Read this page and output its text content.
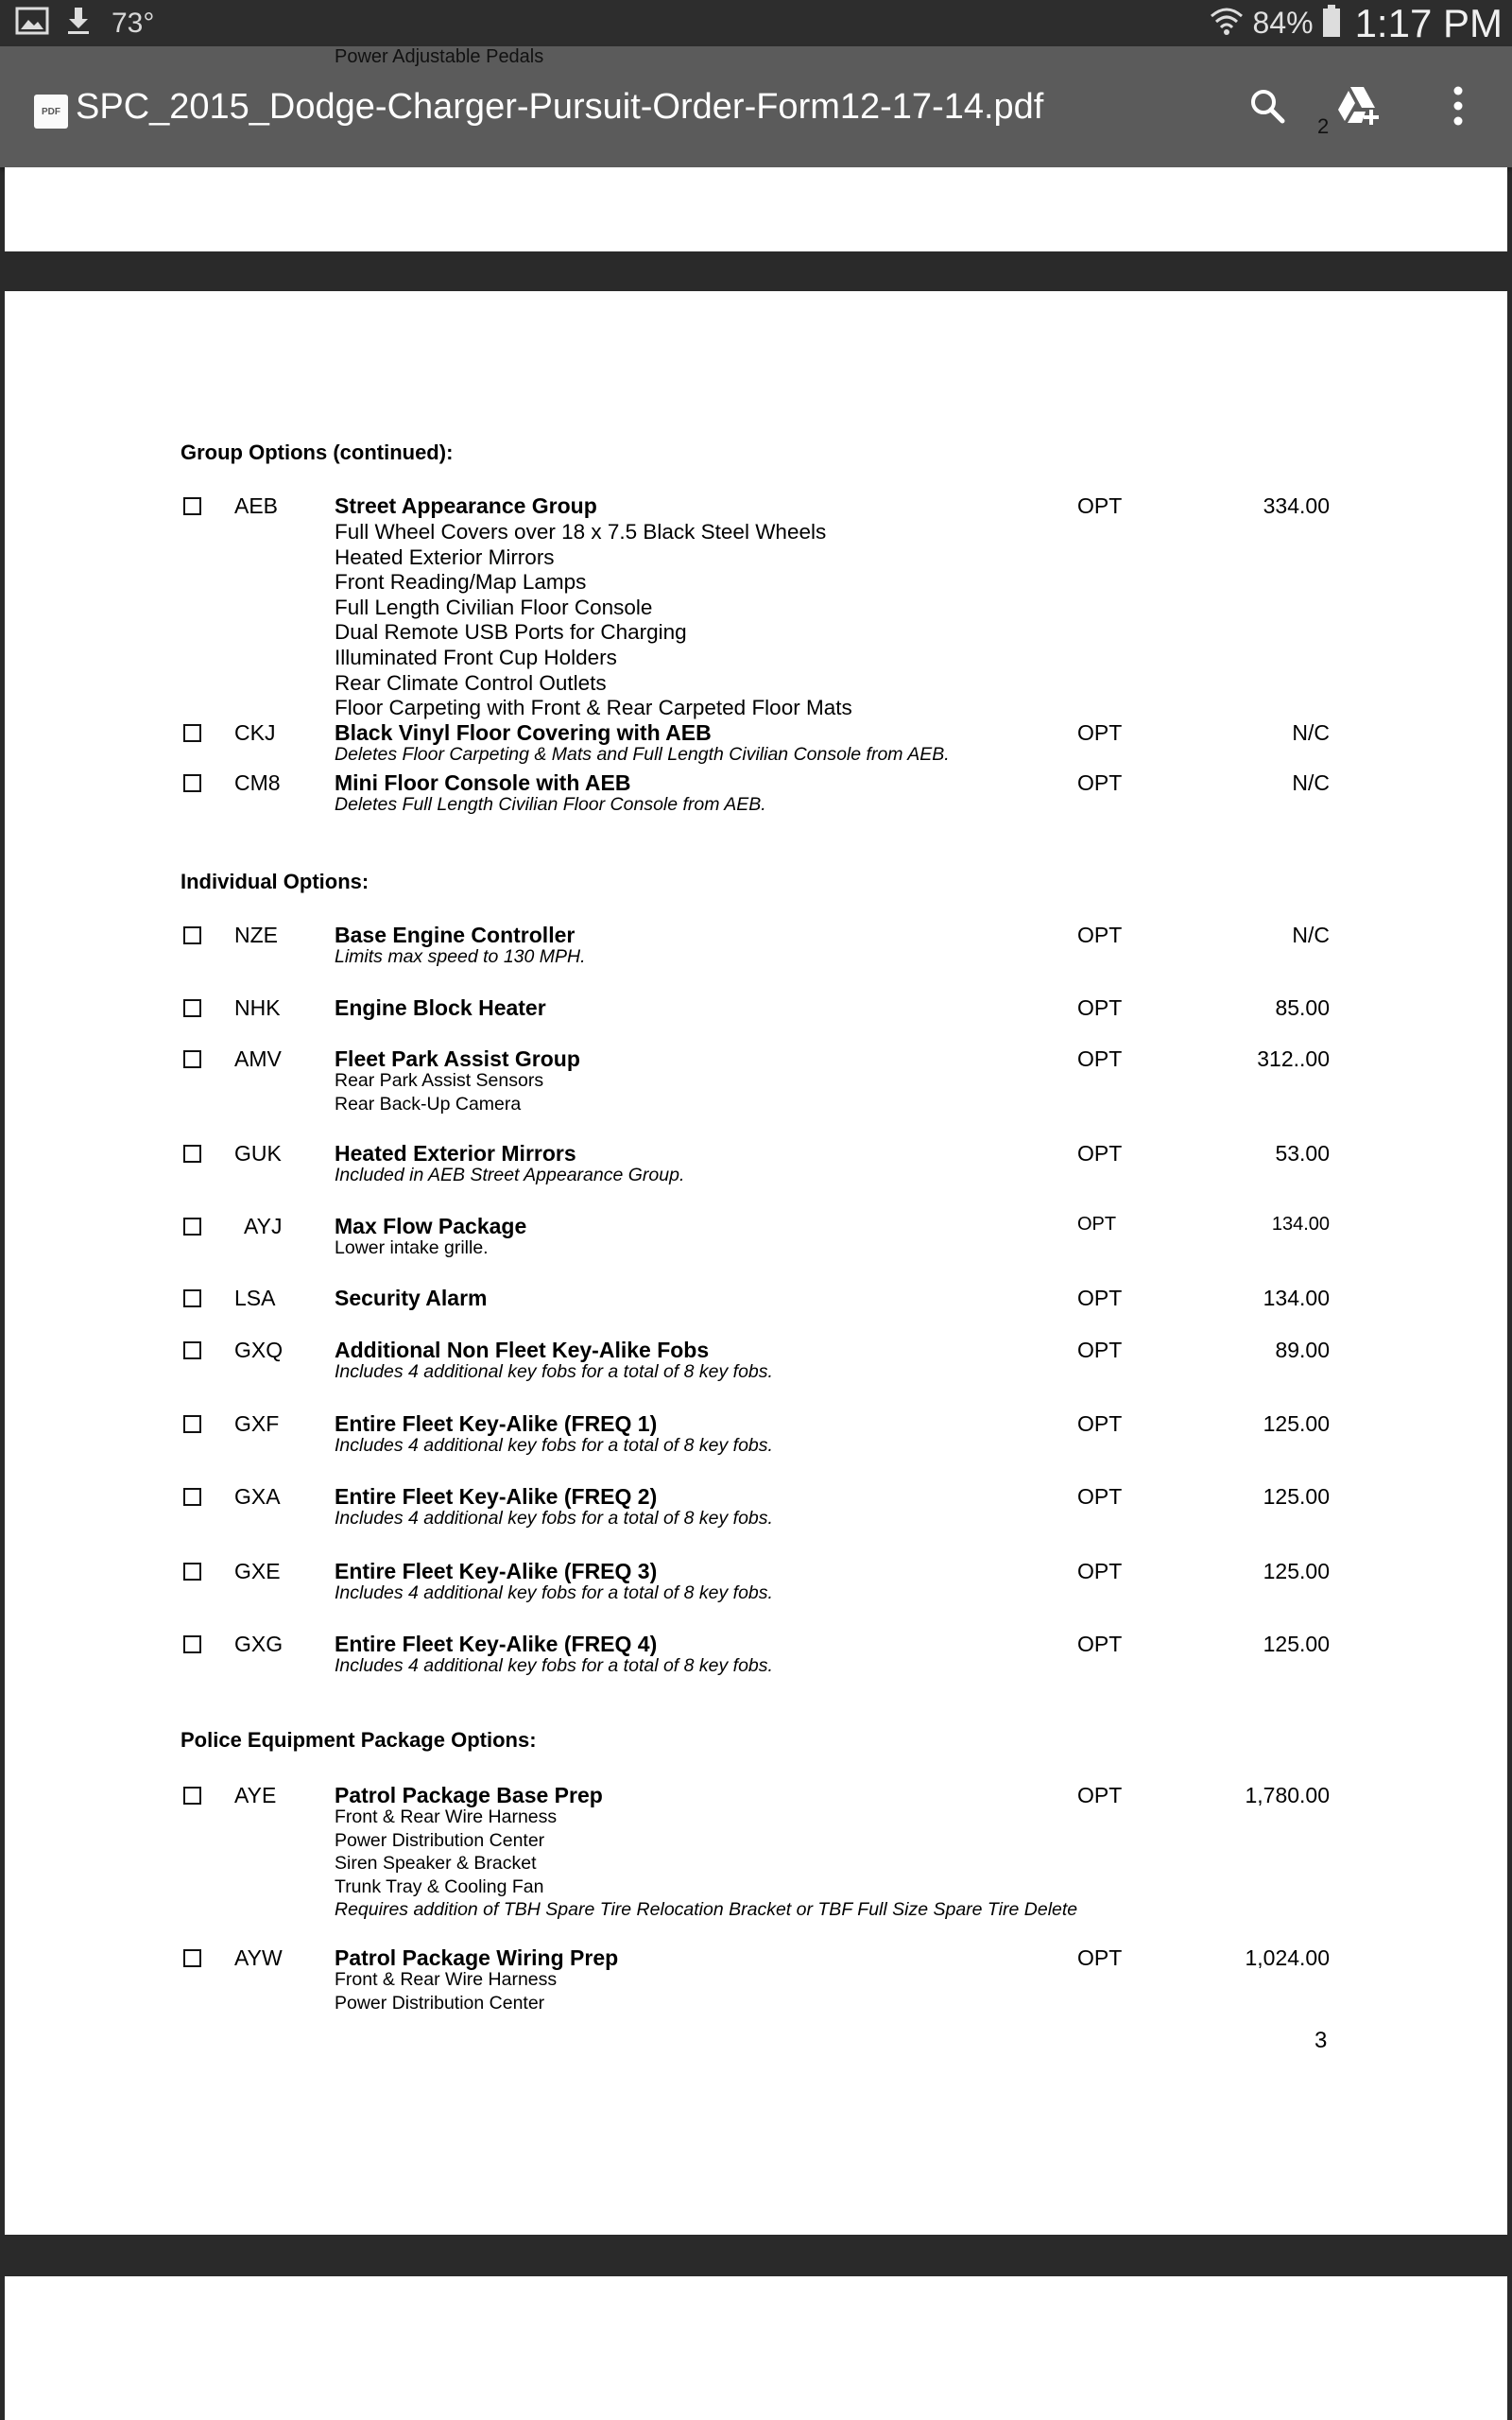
73°	84% 1:17 PM
Power Adjustable Pedals
PDF SPC_2015_Dodge-Charger-Pursuit-Order-Form12-17-14.pdf	2
Group Options (continued):
Individual Options:
Police Equipment Package Options:
3
AEB	Street Appearance Group	OPT	334.00
Full Wheel Covers over 18 x 7.5 Black Steel Wheels
Heated Exterior Mirrors
Front Reading/Map Lamps
Full Length Civilian Floor Console
Dual Remote USB Ports for Charging
Illuminated Front Cup Holders
Rear Climate Control Outlets
Floor Carpeting with Front & Rear Carpeted Floor Mats
CKJ	Black Vinyl Floor Covering with AEB	OPT	N/C
Deletes Floor Carpeting & Mats and Full Length Civilian Console from AEB.
CM8 Mini Floor Console with AEB	OPT	N/C
Deletes Full Length Civilian Floor Console from AEB.
NZE	Base Engine Controller	OPT	N/C
Limits max speed to 130 MPH.
NHK Engine Block Heater	OPT	85.00
AMV Fleet Park Assist Group	OPT	312..00
Rear Park Assist Sensors
Rear Back-Up Camera
GUK Heated Exterior Mirrors	OPT	53.00
Included in AEB Street Appearance Group.
AYJ Max Flow Package	OPT	134.00
Lower intake grille.
LSA	Security Alarm	OPT	134.00
GXQ Additional Non Fleet Key-Alike Fobs	OPT	89.00
Includes 4 additional key fobs for a total of 8 key fobs.
GXF	Entire Fleet Key-Alike (FREQ 1)	OPT	125.00
Includes 4 additional key fobs for a total of 8 key fobs.
GXA Entire Fleet Key-Alike (FREQ 2)	OPT	125.00
Includes 4 additional key fobs for a total of 8 key fobs.
GXE Entire Fleet Key-Alike (FREQ 3)	OPT	125.00
Includes 4 additional key fobs for a total of 8 key fobs.
GXG Entire Fleet Key-Alike (FREQ 4)	OPT	125.00
Includes 4 additional key fobs for a total of 8 key fobs.
AYE	Patrol Package Base Prep	OPT	1,780.00
Front & Rear Wire Harness
Power Distribution Center
Siren Speaker & Bracket
Trunk Tray & Cooling Fan
Requires addition of TBH Spare Tire Relocation Bracket or TBF Full Size Spare Tire Delete
AYW Patrol Package Wiring Prep	OPT	1,024.00
Front & Rear Wire Harness
Power Distribution Center
